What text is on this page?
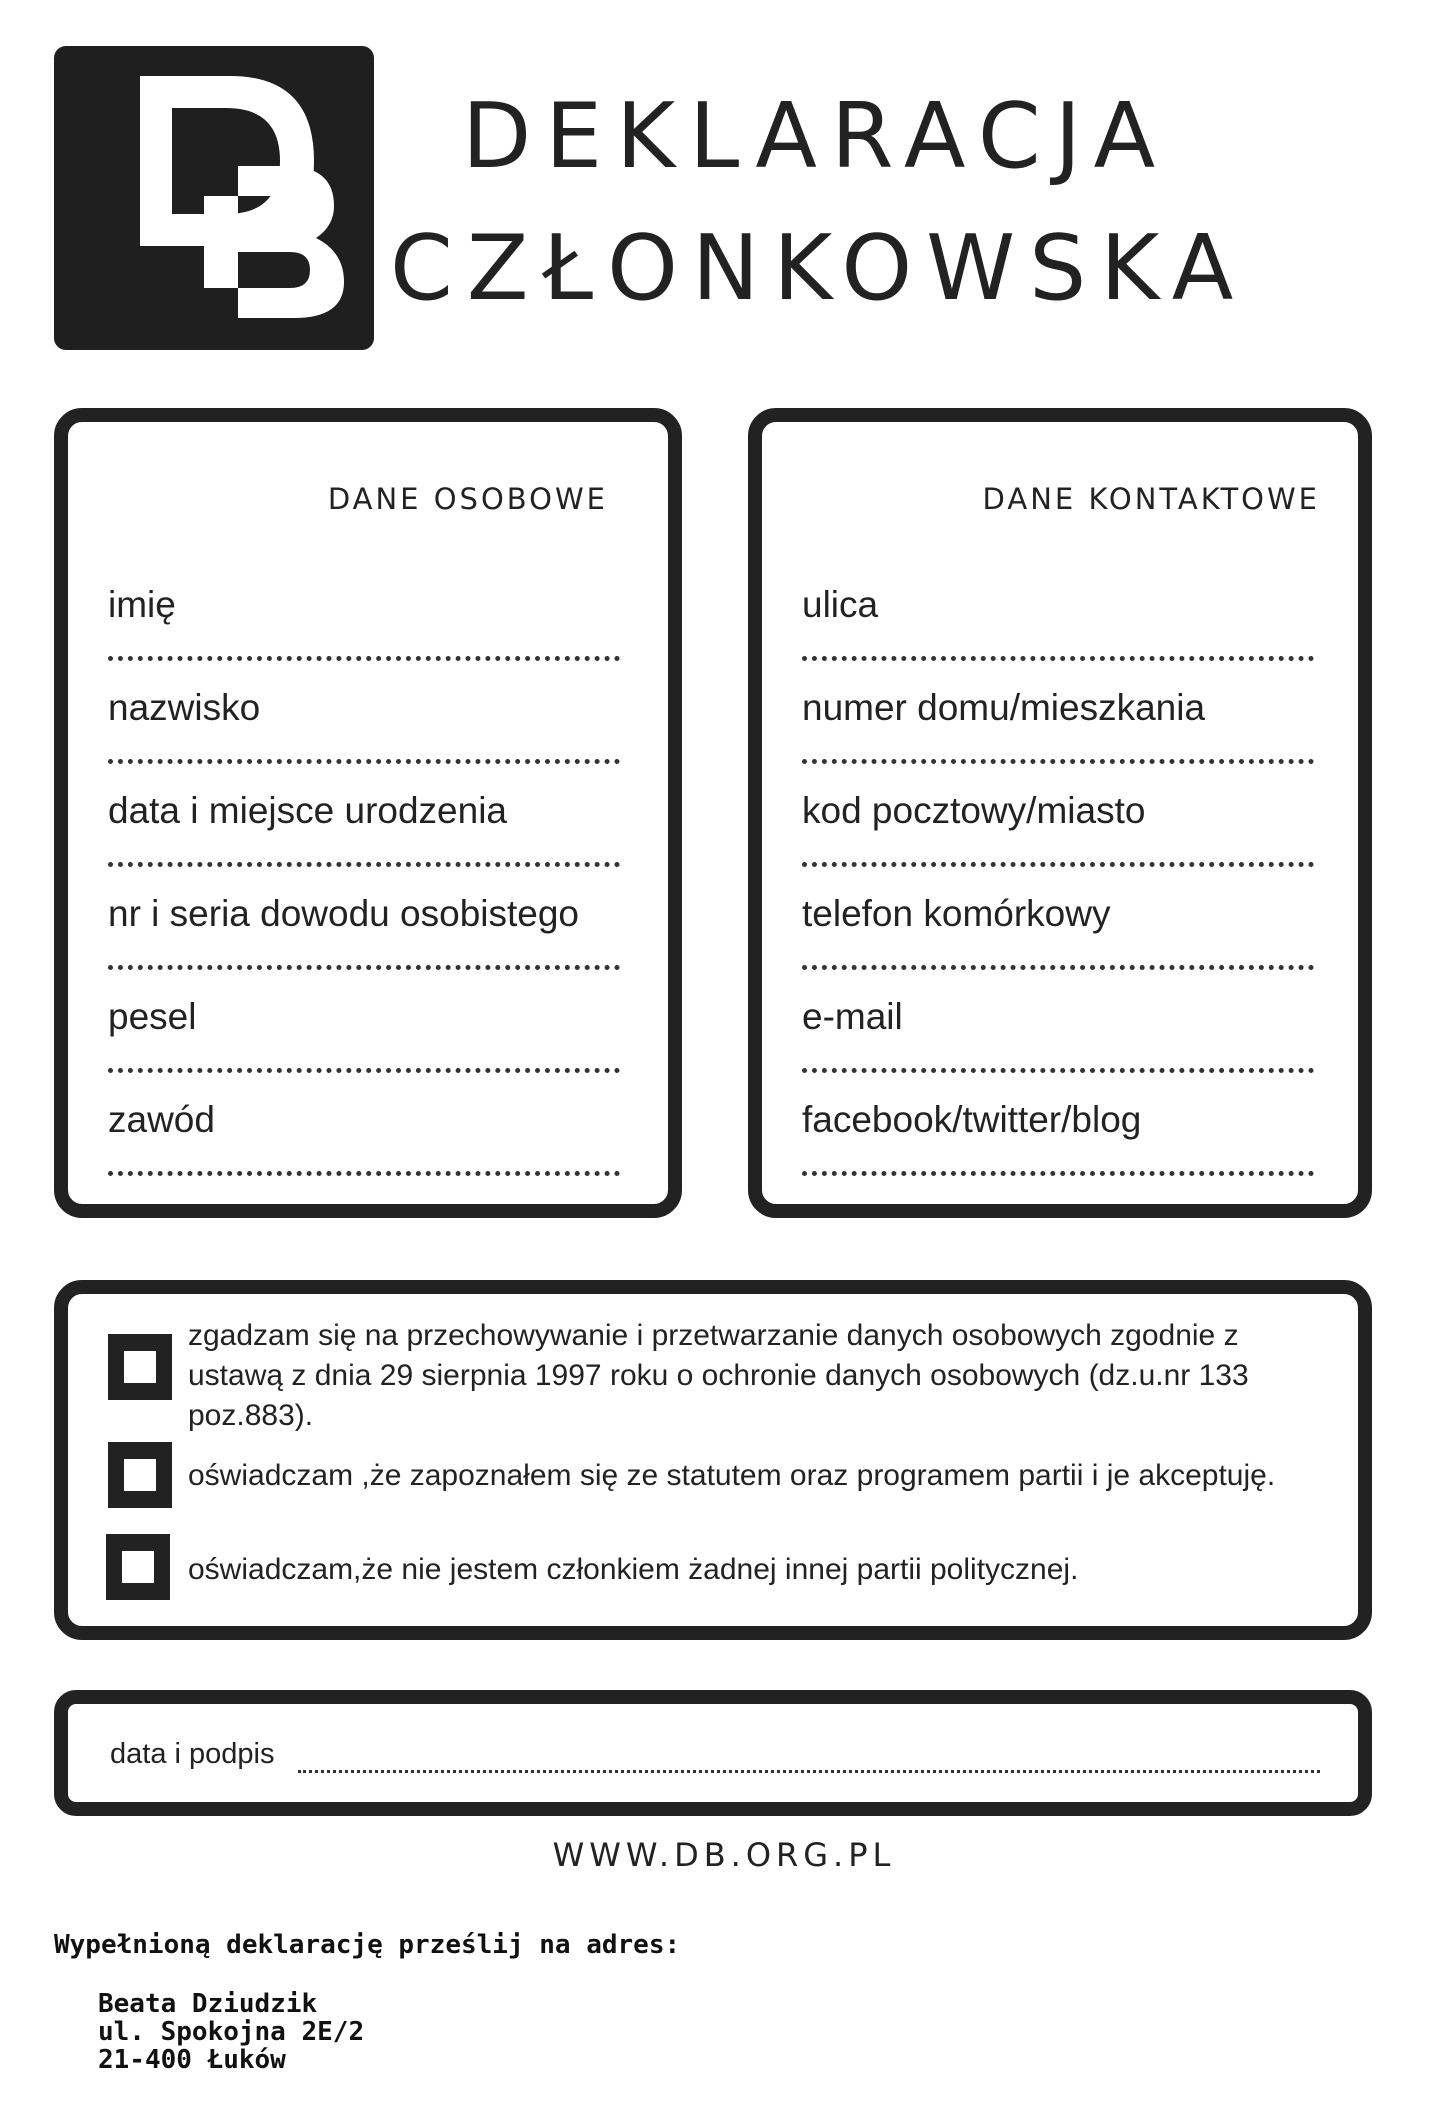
DEKLARACJA
CZŁONKOWSKA
DANE OSOBOWE
imię
nazwisko
data i miejsce urodzenia
nr i seria dowodu osobistego
pesel
zawód
DANE KONTAKTOWE
ulica
numer domu/mieszkania
kod pocztowy/miasto
telefon komórkowy
e-mail
facebook/twitter/blog
zgadzam się na przechowywanie i przetwarzanie danych osobowych zgodnie z
ustawą z dnia 29 sierpnia 1997 roku o ochronie danych osobowych (dz.u.nr 133
poz.883).
oświadczam ,że zapoznałem się ze statutem oraz programem partii i je akceptuję.
oświadczam,że nie jestem członkiem żadnej innej partii politycznej.
data i podpis
WWW.DB.ORG.PL
Wypełnioną deklarację prześlij na adres:
Beata Dziudzik
ul. Spokojna 2E/2
21-400 Łuków
